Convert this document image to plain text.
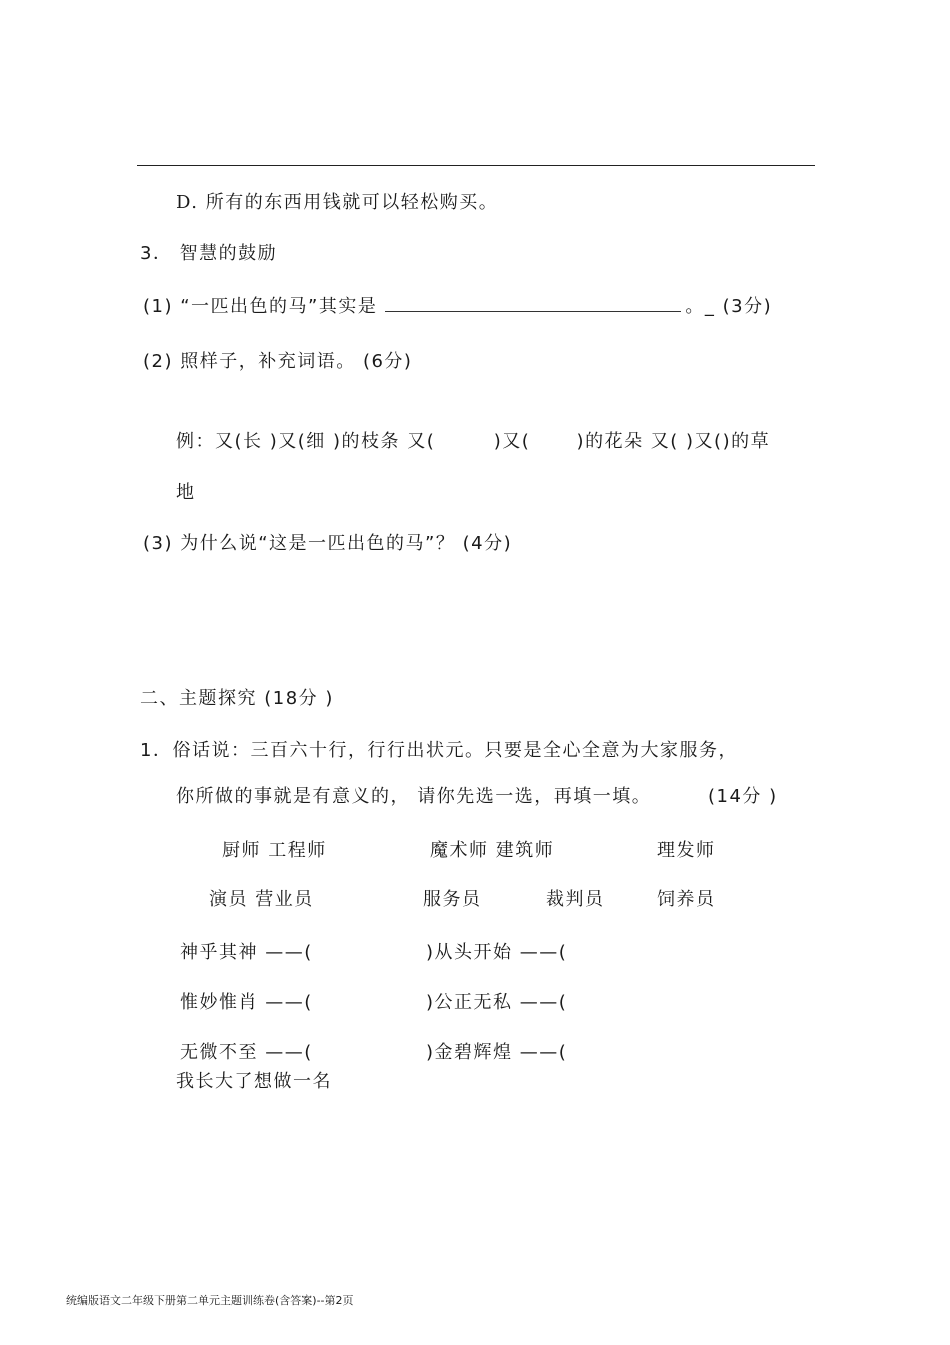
D. 所有的东西用钱就可以轻松购买。
3． 智慧的鼓励
(1) “一匹出色的马”其实是	。_ (3分)
(2) 照样子，补充词语。 (6分)
例：又(长 )又(细 )的枝条 又(　　　)又(　　 )的花朵 又( )又()的草
地
(3) 为什么说“这是一匹出色的马”？ (4分)
二、主题探究 (18分 )
1．俗话说：三百六十行，行行出状元。只要是全心全意为大家服务，
你所做的事就是有意义的， 请你先选一选，再填一填。	(14分 )
厨师 工程师	魔术师 建筑师	理发师
演员 营业员	服务员	裁判员	饲养员
神乎其神 ——(	)从头开始 ——(
惟妙惟肖 ——(	)公正无私 ——(
无微不至 ——(	)金碧辉煌 ——(
我长大了想做一名
统编版语文二年级下册第二单元主题训练卷(含答案)--第2页
